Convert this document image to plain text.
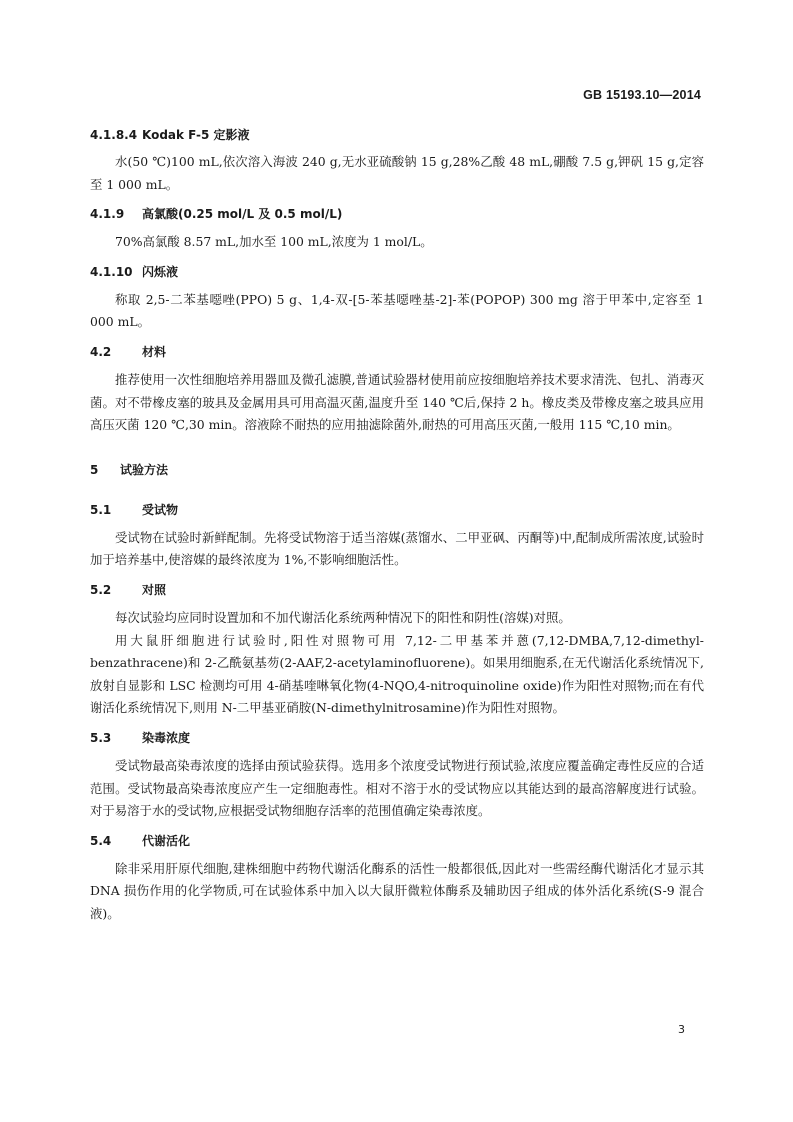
GB 15193.10—2014

4.1.8.4 Kodak F-5 定影液

水(50 ℃)100 mL,依次溶入海波 240 g,无水亚硫酸钠 15 g,28%乙酸 48 mL,硼酸 7.5 g,钾矾 15 g,定容至 1 000 mL。

4.1.9 高氯酸(0.25 mol/L 及 0.5 mol/L)

70%高氯酸 8.57 mL,加水至 100 mL,浓度为 1 mol/L。

4.1.10 闪烁液

称取 2,5-二苯基噁唑(PPO) 5 g、1,4-双-[5-苯基噁唑基-2]-苯(POPOP) 300 mg 溶于甲苯中,定容至 1 000 mL。

4.2	材料

推荐使用一次性细胞培养用器皿及微孔滤膜,普通试验器材使用前应按细胞培养技术要求清洗、包扎、消毒灭菌。对不带橡皮塞的玻具及金属用具可用高温灭菌,温度升至 140 ℃后,保持 2 h。橡皮类及带橡皮塞之玻具应用高压灭菌 120 ℃,30 min。溶液除不耐热的应用抽滤除菌外,耐热的可用高压灭菌,一般用 115 ℃,10 min。

5 试验方法

5.1	受试物

受试物在试验时新鲜配制。先将受试物溶于适当溶媒(蒸馏水、二甲亚砜、丙酮等)中,配制成所需浓度,试验时加于培养基中,使溶媒的最终浓度为 1%,不影响细胞活性。

5.2	对照

每次试验均应同时设置加和不加代谢活化系统两种情况下的阳性和阴性(溶媒)对照。

用大鼠肝细胞进行试验时,阳性对照物可用 7,12-二甲基苯并蒽(7,12-DMBA,7,12-dimethyl-benzathracene)和 2-乙酰氨基芴(2-AAF,2-acetylaminofluorene)。如果用细胞系,在无代谢活化系统情况下,放射自显影和 LSC 检测均可用 4-硝基喹啉氧化物(4-NQO,4-nitroquinoline oxide)作为阳性对照物;而在有代谢活化系统情况下,则用 N-二甲基亚硝胺(N-dimethylnitrosamine)作为阳性对照物。

5.3	染毒浓度

受试物最高染毒浓度的选择由预试验获得。选用多个浓度受试物进行预试验,浓度应覆盖确定毒性反应的合适范围。受试物最高染毒浓度应产生一定细胞毒性。相对不溶于水的受试物应以其能达到的最高溶解度进行试验。对于易溶于水的受试物,应根据受试物细胞存活率的范围值确定染毒浓度。

5.4	代谢活化

除非采用肝原代细胞,建株细胞中药物代谢活化酶系的活性一般都很低,因此对一些需经酶代谢活化才显示其 DNA 损伤作用的化学物质,可在试验体系中加入以大鼠肝微粒体酶系及辅助因子组成的体外活化系统(S-9 混合液)。

3
